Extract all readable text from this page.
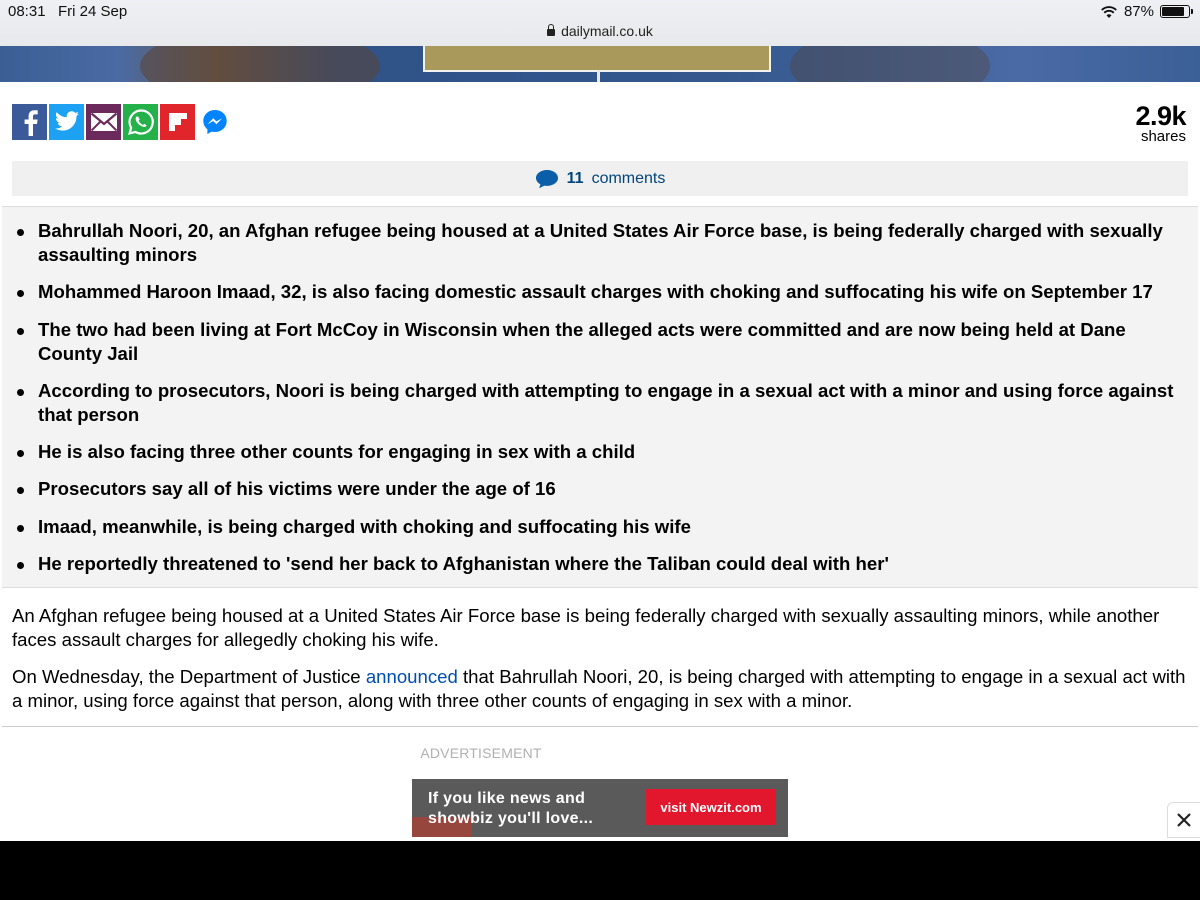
08:31 Fri 24 Sep
dailymail.co.uk
87%
2.9k
shares
11 comments
Bahrullah Noori, 20, an Afghan refugee being housed at a United States Air Force base, is being federally charged with sexually assaulting minors
Mohammed Haroon Imaad, 32, is also facing domestic assault charges with choking and suffocating his wife on September 17
The two had been living at Fort McCoy in Wisconsin when the alleged acts were committed and are now being held at Dane County Jail
According to prosecutors, Noori is being charged with attempting to engage in a sexual act with a minor and using force against that person
He is also facing three other counts for engaging in sex with a child
Prosecutors say all of his victims were under the age of 16
Imaad, meanwhile, is being charged with choking and suffocating his wife
He reportedly threatened to 'send her back to Afghanistan where the Taliban could deal with her'

An Afghan refugee being housed at a United States Air Force base is being federally charged with sexually assaulting minors, while another faces assault charges for allegedly choking his wife.

On Wednesday, the Department of Justice announced that Bahrullah Noori, 20, is being charged with attempting to engage in a sexual act with a minor, using force against that person, along with three other counts of engaging in sex with a minor.

ADVERTISEMENT
If you like news and
showbiz you'll love...
visit Newzit.com
